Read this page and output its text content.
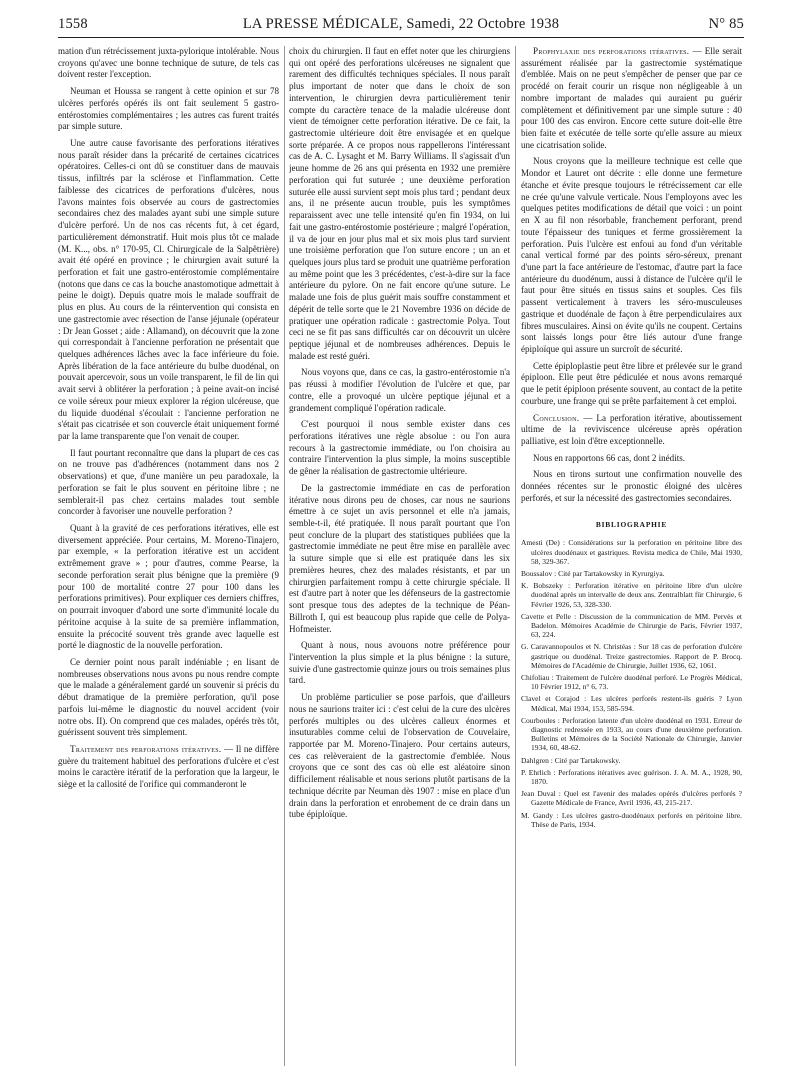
1558	LA PRESSE MÉDICALE, Samedi, 22 Octobre 1938	N° 85

mation d'un rétrécissement juxta-pylorique intolérable. Nous croyons qu'avec une bonne technique de suture, de tels cas doivent rester l'exception.

Neuman et Houssa se rangent à cette opinion et sur 78 ulcères perforés opérés ils ont fait seulement 5 gastro-entérostomies complémentaires ; les autres cas furent traités par simple suture.

Une autre cause favorisante des perforations itératives nous paraît résider dans la précarité de certaines cicatrices opératoires. Celles-ci ont dû se constituer dans de mauvais tissus, infiltrés par la sclérose et l'inflammation. Cette faiblesse des cicatrices de perforations d'ulcères, nous l'avons maintes fois observée au cours de gastrectomies secondaires chez des malades ayant subi une simple suture d'ulcère perforé. Un de nos cas récents fut, à cet égard, particulièrement démonstratif. Huit mois plus tôt ce malade (M. K..., obs. n° 170-95, Cl. Chirurgicale de la Salpêtrière) avait été opéré en province ; le chirurgien avait suturé la perforation et fait une gastro-entérostomie complémentaire (notons que dans ce cas la bouche anastomotique admettait à peine le doigt). Depuis quatre mois le malade souffrait de plus en plus. Au cours de la réintervention qui consista en une gastrectomie avec résection de l'anse jéjunale (opérateur : Dr Jean Gosset ; aide : Allamand), on découvrit que la zone qui correspondait à l'ancienne perforation ne présentait que quelques adhérences lâches avec la face inférieure du foie. Après libération de la face antérieure du bulbe duodénal, on pouvait apercevoir, sous un voile transparent, le fil de lin qui avait servi à oblitérer la perforation ; à peine avait-on incisé ce voile séreux pour mieux explorer la région ulcéreuse, que du liquide duodénal s'écoulait : l'ancienne perforation ne s'était pas cicatrisée et son couvercle était uniquement formé par la lame transparente que l'on venait de couper.

Il faut pourtant reconnaître que dans la plupart de ces cas on ne trouve pas d'adhérences (notamment dans nos 2 observations) et que, d'une manière un peu paradoxale, la perforation se fait le plus souvent en péritoine libre ; ne semblerait-il pas chez certains malades tout semble concorder à favoriser une nouvelle perforation ?

Quant à la gravité de ces perforations itératives, elle est diversement appréciée. Pour certains, M. Moreno-Tinajero, par exemple, « la perforation itérative est un accident extrêmement grave » ; pour d'autres, comme Pearse, la seconde perforation serait plus bénigne que la première (9 pour 100 de mortalité contre 27 pour 100 dans les perforations primitives). Pour expliquer ces derniers chiffres, on pourrait invoquer d'abord une sorte d'immunité locale du péritoine acquise à la suite de sa première inflammation, ensuite la précocité souvent très grande avec laquelle est porté le diagnostic de la nouvelle perforation.

Ce dernier point nous paraît indéniable ; en lisant de nombreuses observations nous avons pu nous rendre compte que le malade a généralement gardé un souvenir si précis du début dramatique de la première perforation, qu'il pose parfois lui-même le diagnostic du nouvel accident (voir notre obs. II). On comprend que ces malades, opérés très tôt, guérissent souvent très simplement.

Traitement des perforations itératives. — Il ne diffère guère du traitement habituel des perforations d'ulcère et c'est moins le caractère itératif de la perforation que la largeur, le siège et la callosité de l'orifice qui commanderont le

choix du chirurgien. Il faut en effet noter que les chirurgiens qui ont opéré des perforations ulcéreuses ne signalent que rarement des difficultés techniques spéciales. Il nous paraît plus important de noter que dans le choix de son intervention, le chirurgien devra particulièrement tenir compte du caractère tenace de la maladie ulcéreuse dont vient de témoigner cette perforation itérative. De ce fait, la gastrectomie ultérieure doit être envisagée et en quelque sorte préparée. A ce propos nous rappellerons l'intéressant cas de A. C. Lysaght et M. Barry Williams. Il s'agissait d'un jeune homme de 26 ans qui présenta en 1932 une première perforation qui fut suturée ; une deuxième perforation suturée elle aussi survient sept mois plus tard ; pendant deux ans, il ne présente aucun trouble, puis les symptômes reparaissent avec une telle intensité qu'en fin 1934, on lui fait une gastro-entérostomie postérieure ; malgré l'opération, il va de jour en jour plus mal et six mois plus tard survient une troisième perforation que l'on suture encore ; un an et quelques jours plus tard se produit une quatrième perforation au même point que les 3 précédentes, c'est-à-dire sur la face antérieure du pylore. On ne fait encore qu'une suture. Le malade une fois de plus guérit mais souffre constamment et dépérit de telle sorte que le 21 Novembre 1936 on décide de pratiquer une opération radicale : gastrectomie Polya. Tout ceci ne se fit pas sans difficultés car on découvrit un ulcère peptique jéjunal et de nombreuses adhérences. Depuis le malade est resté guéri.

Nous voyons que, dans ce cas, la gastro-entérostomie n'a pas réussi à modifier l'évolution de l'ulcère et que, par contre, elle a provoqué un ulcère peptique jéjunal et a grandement compliqué l'opération radicale.

C'est pourquoi il nous semble exister dans ces perforations itératives une règle absolue : ou l'on aura recours à la gastrectomie immédiate, ou l'on choisira au contraire l'intervention la plus simple, la moins susceptible de gêner la réalisation de gastrectomie ultérieure.

De la gastrectomie immédiate en cas de perforation itérative nous dirons peu de choses, car nous ne saurions émettre à ce sujet un avis personnel et elle n'a jamais, semble-t-il, été pratiquée. Il nous paraît pourtant que l'on peut conclure de la plupart des statistiques publiées que la gastrectomie immédiate ne peut être mise en parallèle avec la suture simple que si elle est pratiquée dans les six premières heures, chez des malades résistants, et par un chirurgien parfaitement rompu à cette chirurgie spéciale. Il est d'autre part à noter que les défenseurs de la gastrectomie sont presque tous des adeptes de la technique de Péan-Billroth I, qui est beaucoup plus rapide que celle de Polya-Hofmeister.

Quant à nous, nous avouons notre préférence pour l'intervention la plus simple et la plus bénigne : la suture, suivie d'une gastrectomie quinze jours ou trois semaines plus tard.

Un problème particulier se pose parfois, que d'ailleurs nous ne saurions traiter ici : c'est celui de la cure des ulcères perforés multiples ou des ulcères calleux énormes et insuturables comme celui de l'observation de Couvelaire, rapportée par M. Moreno-Tinajero. Pour certains auteurs, ces cas relèveraient de la gastrectomie d'emblée. Nous croyons que ce sont des cas où elle est aléatoire sinon difficilement réalisable et nous serions plutôt partisans de la technique décrite par Neuman dès 1907 : mise en place d'un drain dans la perforation et enrobement de ce drain dans un tube épiploïque.

Prophylaxie des perforations itératives. — Elle serait assurément réalisée par la gastrectomie systématique d'emblée. Mais on ne peut s'empêcher de penser que par ce procédé on ferait courir un risque non négligeable à un nombre important de malades qui auraient pu guérir complètement et définitivement par une simple suture : 40 pour 100 des cas environ. Encore cette suture doit-elle être bien faite et exécutée de telle sorte qu'elle assure au mieux une cicatrisation solide.

Nous croyons que la meilleure technique est celle que Mondor et Lauret ont décrite : elle donne une fermeture étanche et évite presque toujours le rétrécissement car elle ne crée qu'une valvule verticale. Nous l'employons avec les quelques petites modifications de détail que voici : un point en X au fil non résorbable, franchement perforant, prend toute l'épaisseur des tuniques et ferme grossièrement la perforation. Puis l'ulcère est enfoui au fond d'un véritable canal vertical formé par des points séro-séreux, prenant d'une part la face antérieure de l'estomac, d'autre part la face antérieure du duodénum, aussi à distance de l'ulcère qu'il le faut pour être situés en tissus sains et souples. Ces fils passent verticalement à travers les séro-musculeuses gastrique et duodénale de façon à être perpendiculaires aux fibres musculaires. Ainsi on évite qu'ils ne coupent. Certains sont laissés longs pour être liés autour d'une frange épiploïque qui assure un surcroît de sécurité.

Cette épiploplastie peut être libre et prélevée sur le grand épiploon. Elle peut être pédiculée et nous avons remarqué que le petit épiploon présente souvent, au contact de la petite courbure, une frange qui se prête parfaitement à cet emploi.

Conclusion. — La perforation itérative, aboutissement ultime de la reviviscence ulcéreuse après opération palliative, est loin d'être exceptionnelle.

Nous en rapportons 66 cas, dont 2 inédits.

Nous en tirons surtout une confirmation nouvelle des données récentes sur le pronostic éloigné des ulcères perforés, et sur la nécessité des gastrectomies secondaires.

BIBLIOGRAPHIE

Amesti (De) : Considérations sur la perforation en péritoine libre des ulcères duodénaux et gastriques. Revista medica de Chile, Mai 1930, 58, 329-367.

Boussalov : Cité par Tartakowsky in Kyrurgiya.

K. Bobszeky : Perforation itérative en péritoine libre d'un ulcère duodénal après un intervalle de deux ans. Zentralblatt für Chirurgie, 6 Février 1926, 53, 328-330.

Cavette et Pelle : Discussion de la communication de MM. Pervès et Badelon. Mémoires Académie de Chirurgie de Paris, Février 1937, 63, 224.

G. Caravannopoulos et N. Christéas : Sur 18 cas de perforation d'ulcère gastrique ou duodénal. Treize gastrectomies. Rapport de P. Brocq. Mémoires de l'Académie de Chirurgie, Juillet 1936, 62, 1061.

Chifoliau : Traitement de l'ulcère duodénal perforé. Le Progrès Médical, 10 Février 1912, n° 6, 73.

Clavel et Corajod : Les ulcères perforés restent-ils guéris ? Lyon Médical, Mai 1934, 153, 585-594.

Courboules : Perforation latente d'un ulcère duodénal en 1931. Erreur de diagnostic redressée en 1933, au cours d'une deuxième perforation. Bulletins et Mémoires de la Société Nationale de Chirurgie, Janvier 1934, 60, 48-62.

Dahlgren : Cité par Tartakowsky.

P. Ehrlich : Perforations itératives avec guérison. J. A. M. A., 1928, 90, 1870.

Jean Duval : Quel est l'avenir des malades opérés d'ulcères perforés ? Gazette Médicale de France, Avril 1936, 43, 215-217.

M. Gandy : Les ulcères gastro-duodénaux perforés en péritoine libre. Thèse de Paris, 1934.
